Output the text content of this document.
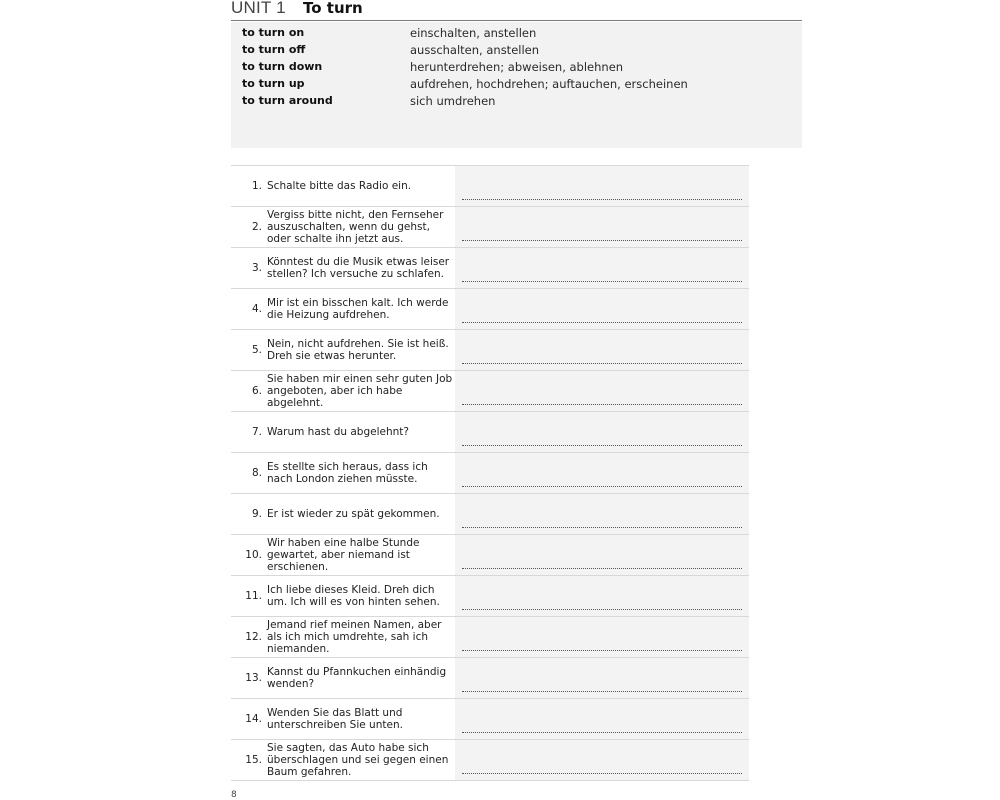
UNIT 1 To turn
to turn on	einschalten, anstellen
to turn off	ausschalten, anstellen
to turn down	herunterdrehen; abweisen, ablehnen
to turn up	aufdrehen, hochdrehen; auftauchen, erscheinen
to turn around	sich umdrehen
1. Schalte bitte das Radio ein.
2.
Vergiss bitte nicht, den Fernseher auszuschalten, wenn du gehst, oder schalte ihn jetzt aus.
3. Könntest du die Musik etwas leiser stellen? Ich versuche zu schlafen.
4. Mir ist ein bisschen kalt. Ich werde die Heizung aufdrehen.
5. Nein, nicht aufdrehen. Sie ist heiß. Dreh sie etwas herunter.
6.
Sie haben mir einen sehr guten Job angeboten, aber ich habe abgelehnt.
7. Warum hast du abgelehnt?
8. Es stellte sich heraus, dass ich nach London ziehen müsste.
9. Er ist wieder zu spät gekommen.
10.
Wir haben eine halbe Stunde gewartet, aber niemand ist erschienen.
11. Ich liebe dieses Kleid. Dreh dich um. Ich will es von hinten sehen.
12.
Jemand rief meinen Namen, aber als ich mich umdrehte, sah ich niemanden.
13. Kannst du Pfannkuchen einhändig wenden?
14. Wenden Sie das Blatt und unterschreiben Sie unten.
15.
Sie sagten, das Auto habe sich überschlagen und sei gegen einen Baum gefahren.
8
